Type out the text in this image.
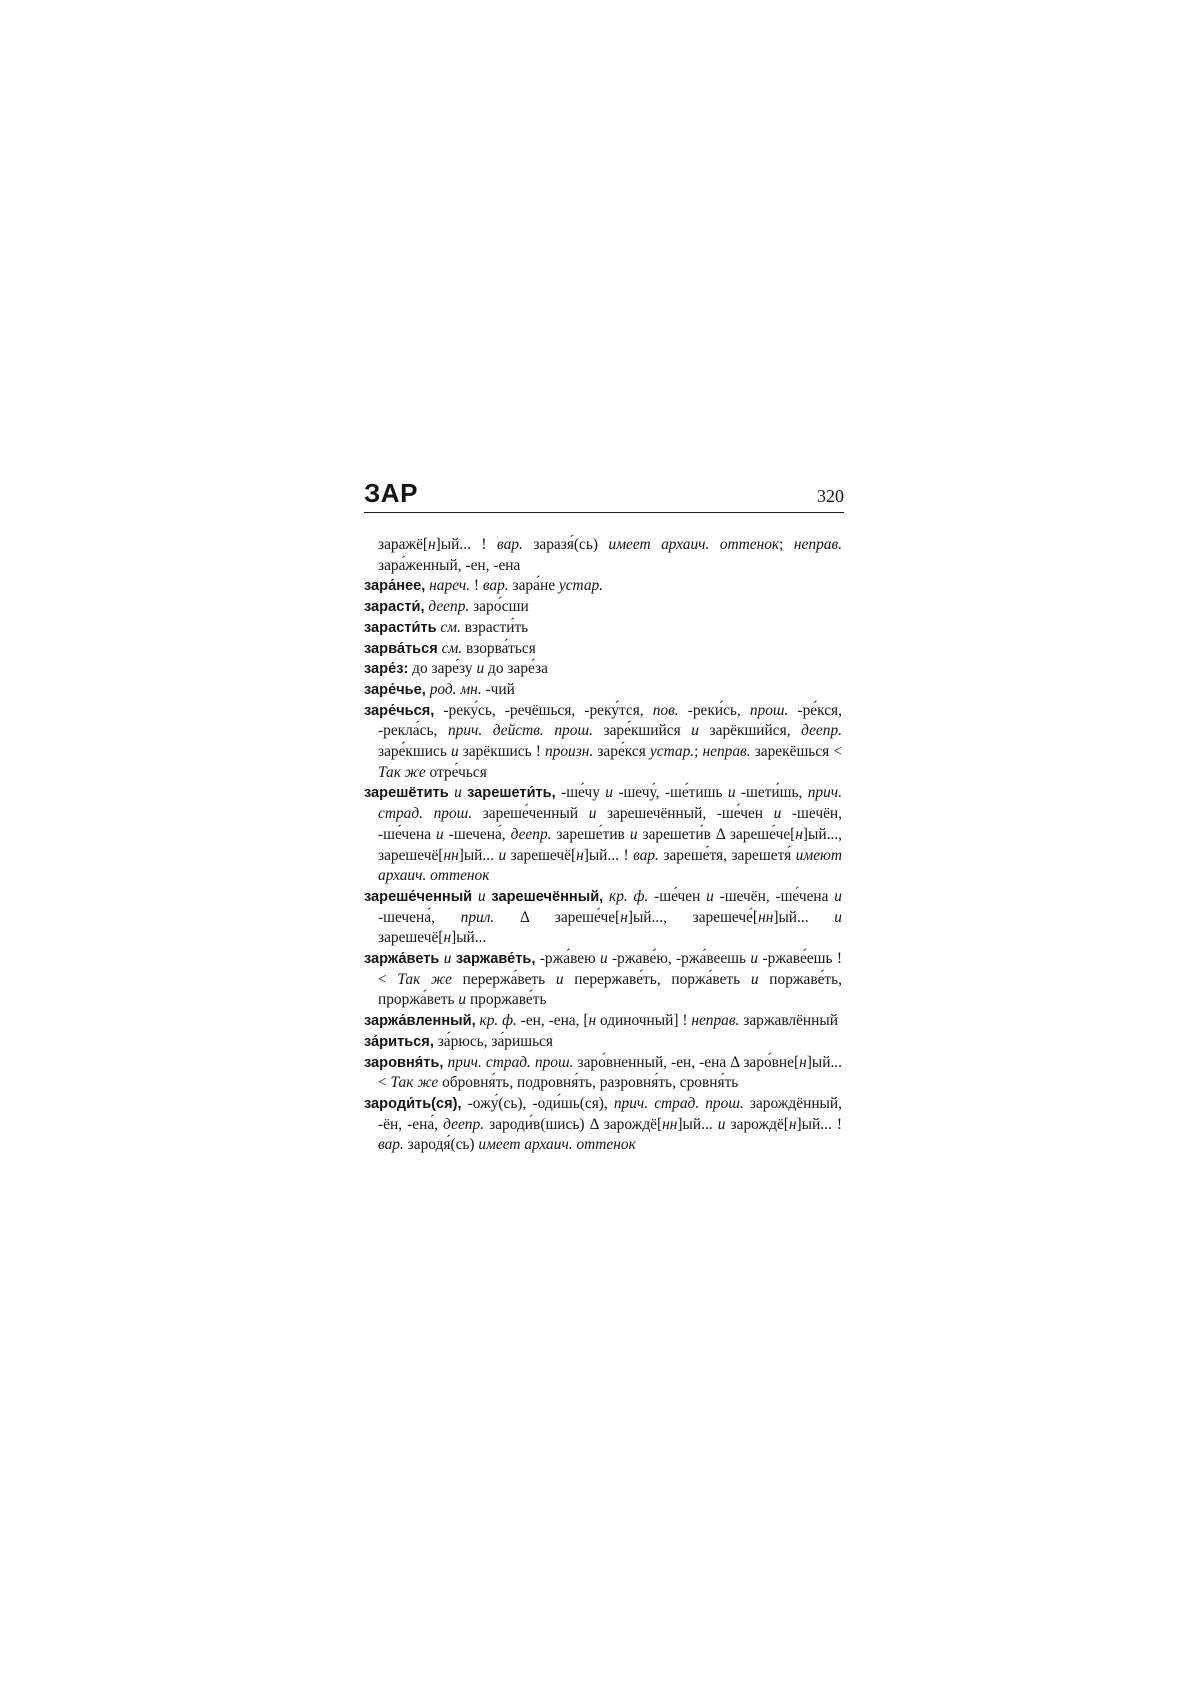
ЗАР	320

заражё[н]ый... ! вар. заразя́(сь) имеет архаич. оттенок; неправ. зара́женный, -ен, -ена

зара́нее, нареч. ! вар. зара́не устар.

зарасти́, деепр. заро́сши

зарасти́ть см. взрасти́ть

зарва́ться см. взорва́ться

заре́з: до заре́зу и до заре́за

заре́чье, род. мн. -чий

заре́чься, -реку́сь, -речёшься, -реку́тся, пов. -реки́сь, прош. -ре́кся, -рекла́сь, прич. действ. прош. заре́кшийся и зарёкшийся, деепр. заре́кшись и зарёкшись ! произн. заре́кся устар.; неправ. зарекёшься < Так же отре́чься

зарешётить и зарешети́ть, -ше́чу и -шечу́, -ше́тишь и -шети́шь, прич. страд. прош. зареше́ченный и зарешечённый, -ше́чен и -шечён, -ше́чена и -шечена́, деепр. зареше́тив и зарешети́в Δ зареше́че[н]ый..., зарешечё[нн]ый... и зарешечё[н]ый... ! вар. зареше́тя, зарешетя́ имеют архаич. оттенок

зареше́ченный и зарешечённый, кр. ф. -ше́чен и -шечён, -ше́чена и -шечена́, прил. Δ зареше́че[н]ый..., зарешече́[нн]ый... и зарешечё[н]ый...

заржа́веть и заржаве́ть, -ржа́вею и -ржаве́ю, -ржа́веешь и -ржаве́ешь ! < Так же перержа́веть и перержаве́ть, поржа́веть и поржаве́ть, проржа́веть и проржаве́ть

заржа́вленный, кр. ф. -ен, -ена, [н одиночный] ! неправ. заржавлённый

за́риться, за́рюсь, за́ришься

заровня́ть, прич. страд. прош. заро́вненный, -ен, -ена Δ заро́вне[н]ый... < Так же обровня́ть, подровня́ть, разровня́ть, сровня́ть

зароди́ть(ся), -ожу́(сь), -оди́шь(ся), прич. страд. прош. зарождённый, -ён, -ена́, деепр. зароди́в(шись) Δ зарождё[нн]ый... и зарождё[н]ый... ! вар. зародя́(сь) имеет архаич. оттенок
